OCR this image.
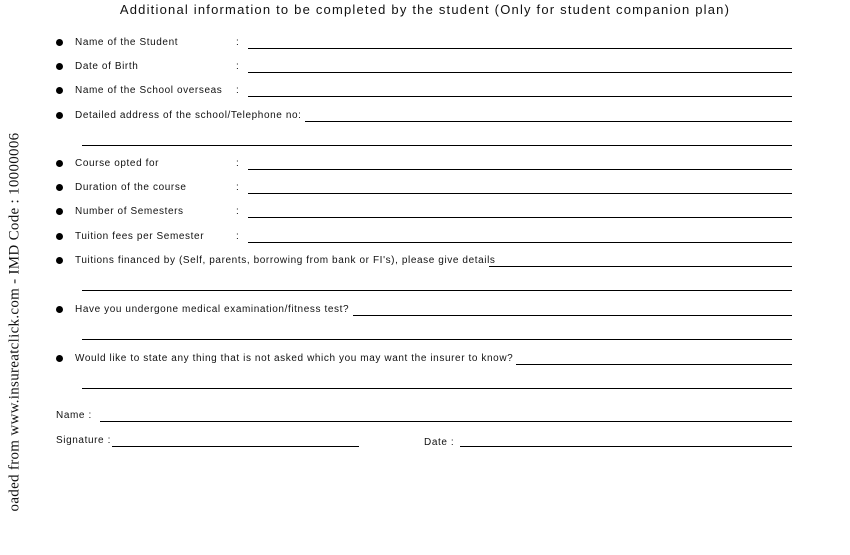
Additional information to be completed by the student (Only for student companion plan)
oaded from www.insureatclick.com - IMD Code : 10000006
Name of the Student	:
Date of Birth	:
Name of the School overseas :
Detailed address of the school/Telephone no:
Course opted for	:
Duration of the course	:
Number of Semesters	:
Tuition fees per Semester	:
Tuitions financed by (Self, parents, borrowing from bank or FI's), please give details
Have you undergone medical examination/fitness test?
Would like to state any thing that is not asked which you may want the insurer to know?
Name :
Signature :	Date :
